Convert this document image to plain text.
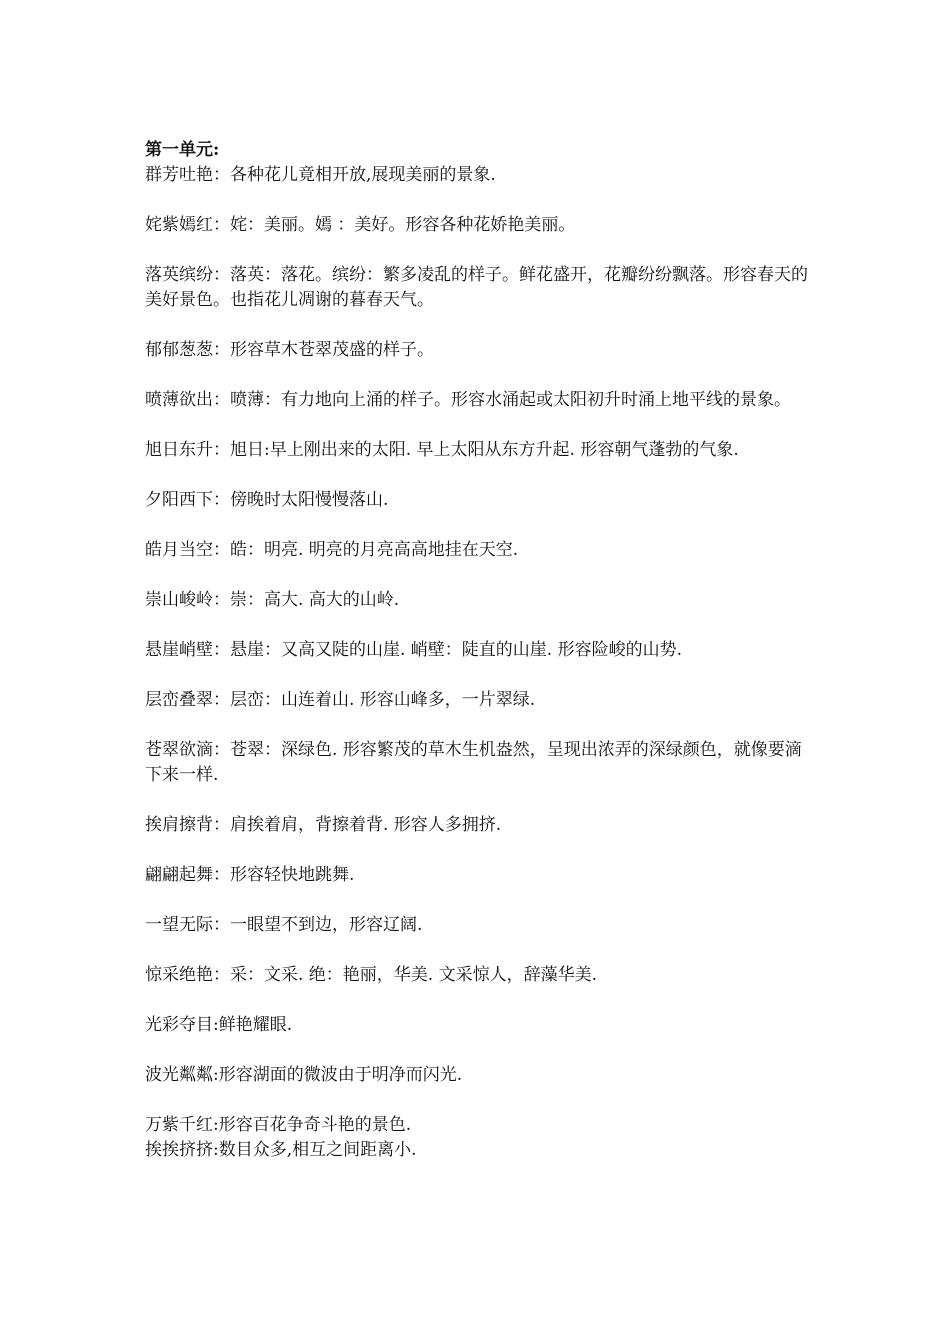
第一单元:
群芳吐艳：各种花儿竟相开放,展现美丽的景象.
姹紫嫣红：姹：美丽。嫣 ：美好。形容各种花娇艳美丽。
落英缤纷：落英：落花。缤纷：繁多凌乱的样子。鲜花盛开，花瓣纷纷飘落。形容春天的美好景色。也指花儿凋谢的暮春天气。
郁郁葱葱：形容草木苍翠茂盛的样子。
喷薄欲出：喷薄：有力地向上涌的样子。形容水涌起或太阳初升时涌上地平线的景象。
旭日东升：旭日:早上刚出来的太阳. 早上太阳从东方升起. 形容朝气蓬勃的气象.
夕阳西下：傍晚时太阳慢慢落山.
皓月当空：皓：明亮. 明亮的月亮高高地挂在天空.
崇山峻岭：崇：高大. 高大的山岭.
悬崖峭壁：悬崖：又高又陡的山崖. 峭壁：陡直的山崖. 形容险峻的山势.
层峦叠翠：层峦：山连着山. 形容山峰多，一片翠绿.
苍翠欲滴：苍翠：深绿色. 形容繁茂的草木生机盎然，呈现出浓弄的深绿颜色，就像要滴下来一样.
挨肩擦背：肩挨着肩，背擦着背. 形容人多拥挤.
翩翩起舞：形容轻快地跳舞.
一望无际：一眼望不到边，形容辽阔.
惊采绝艳：采：文采. 绝：艳丽，华美. 文采惊人，辞藻华美.
光彩夺目:鲜艳耀眼.
波光粼粼:形容湖面的微波由于明净而闪光.
万紫千红:形容百花争奇斗艳的景色.
挨挨挤挤:数目众多,相互之间距离小.
